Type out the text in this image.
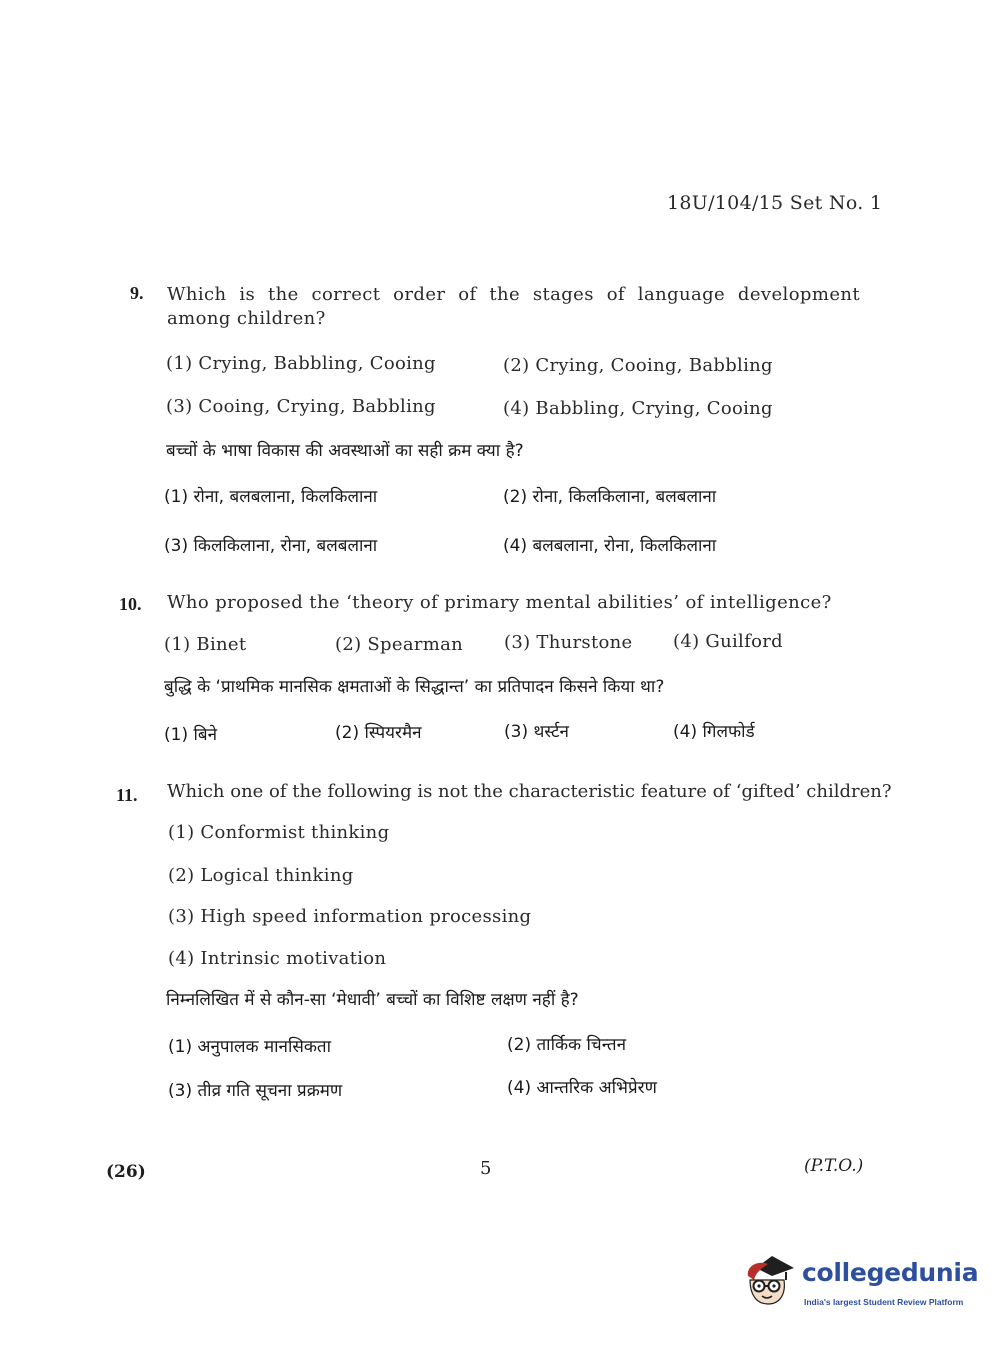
18U/104/15 Set No. 1
9. Which is the correct order of the stages of language development among children?
(1) Crying, Babbling, Cooing	(2) Crying, Cooing, Babbling
(3) Cooing, Crying, Babbling	(4) Babbling, Crying, Cooing
बच्चों के भाषा विकास की अवस्थाओं का सही क्रम क्या है?
(1) रोना, बलबलाना, किलकिलाना	(2) रोना, किलकिलाना, बलबलाना
(3) किलकिलाना, रोना, बलबलाना	(4) बलबलाना, रोना, किलकिलाना
10. Who proposed the ‘theory of primary mental abilities’ of intelligence?
(1) Binet	(2) Spearman (3) Thurstone (4) Guilford
बुद्धि के ‘प्राथमिक मानसिक क्षमताओं के सिद्धान्त’ का प्रतिपादन किसने किया था?
(1) बिने	(2) स्पियरमैन	(3) थर्स्टन	(4) गिलफोर्ड
11. Which one of the following is not the characteristic feature of ‘gifted’ children?
(1) Conformist thinking
(2) Logical thinking
(3) High speed information processing
(4) Intrinsic motivation
निम्नलिखित में से कौन-सा ‘मेधावी’ बच्चों का विशिष्ट लक्षण नहीं है?
(1) अनुपालक मानसिकता	(2) तार्किक चिन्तन
(3) तीव्र गति सूचना प्रक्रमण	(4) आन्तरिक अभिप्रेरण
(26)	5	(P.T.O.)
collegedunia
India's largest Student Review Platform
